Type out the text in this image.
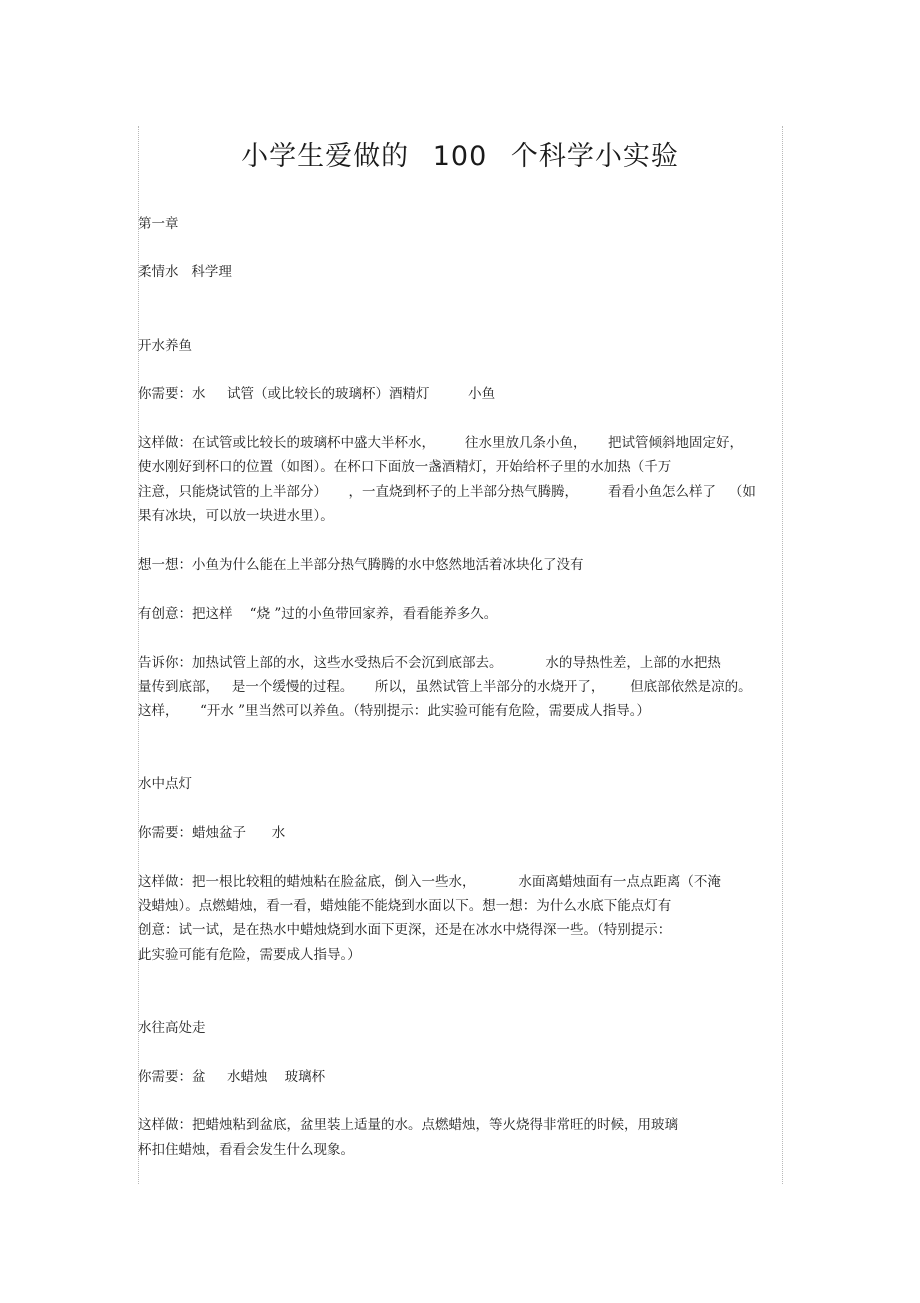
小学生爱做的 100 个科学小实验
第一章
柔情水   科学理
开水养鱼
你需要：水     试管（或比较长的玻璃杯）酒精灯         小鱼
这样做：在试管或比较长的玻璃杯中盛大半杯水，       往水里放几条小鱼，     把试管倾斜地固定好，
使水刚好到杯口的位置（如图）。在杯口下面放一盏酒精灯，开始给杯子里的水加热（千万
注意，只能烧试管的上半部分）     ，一直烧到杯子的上半部分热气腾腾，       看看小鱼怎么样了   （如
果有冰块，可以放一块进水里）。
想一想：小鱼为什么能在上半部分热气腾腾的水中悠然地活着冰块化了没有
有创意：把这样    “烧 ”过的小鱼带回家养，看看能养多久。
告诉你：加热试管上部的水，这些水受热后不会沉到底部去。          水的导热性差，上部的水把热
量传到底部，   是一个缓慢的过程。     所以，虽然试管上半部分的水烧开了，      但底部依然是凉的。
这样，     “开水 ”里当然可以养鱼。（特别提示：此实验可能有危险，需要成人指导。）
水中点灯
你需要：蜡烛盆子      水
这样做：把一根比较粗的蜡烛粘在脸盆底，倒入一些水，          水面离蜡烛面有一点点距离（不淹
没蜡烛）。点燃蜡烛，看一看，蜡烛能不能烧到水面以下。想一想：为什么水底下能点灯有
创意：试一试，是在热水中蜡烛烧到水面下更深，还是在冰水中烧得深一些。（特别提示：
此实验可能有危险，需要成人指导。）
水往高处走
你需要：盆     水蜡烛    玻璃杯
这样做：把蜡烛粘到盆底，盆里装上适量的水。点燃蜡烛，等火烧得非常旺的时候，用玻璃
杯扣住蜡烛，看看会发生什么现象。
